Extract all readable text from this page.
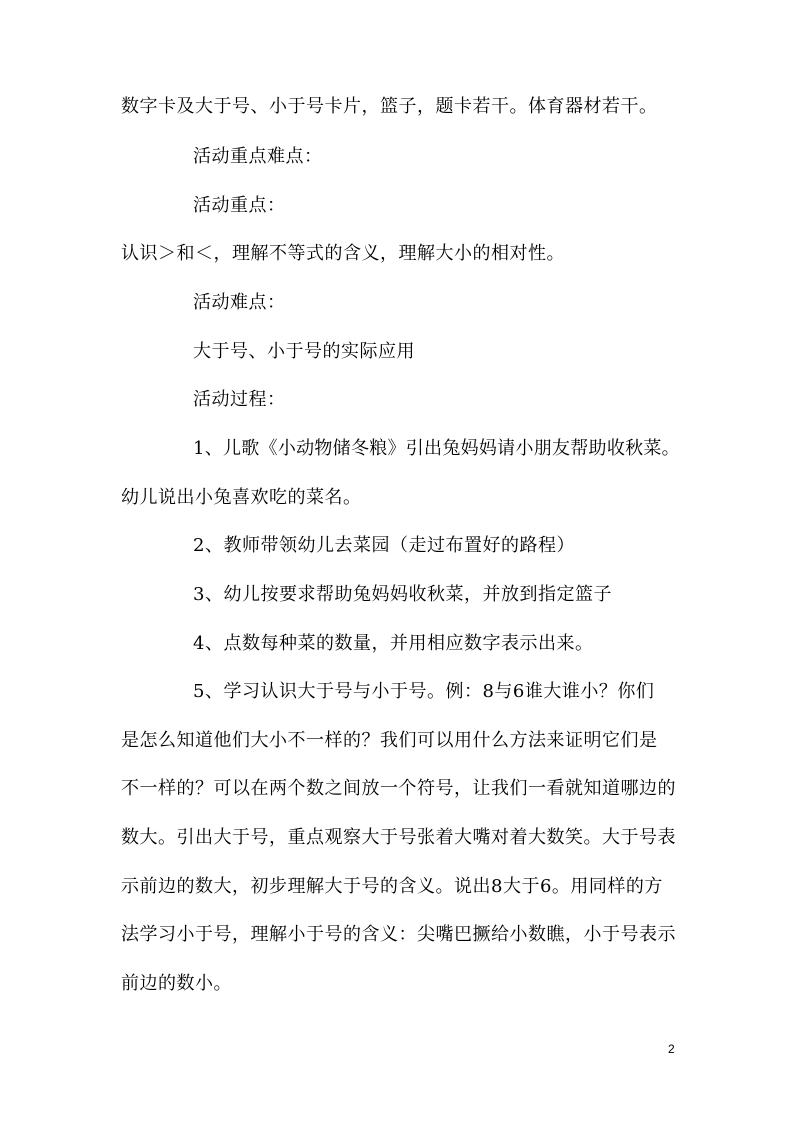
数字卡及大于号、小于号卡片，篮子，题卡若干。体育器材若干。
活动重点难点：
活动重点：
认识＞和＜，理解不等式的含义，理解大小的相对性。
活动难点：
大于号、小于号的实际应用
活动过程：
1、儿歌《小动物储冬粮》引出兔妈妈请小朋友帮助收秋菜。
幼儿说出小兔喜欢吃的菜名。
2、教师带领幼儿去菜园（走过布置好的路程）
3、幼儿按要求帮助兔妈妈收秋菜，并放到指定篮子
4、点数每种菜的数量，并用相应数字表示出来。
5、学习认识大于号与小于号。例：8与6谁大谁小？你们
是怎么知道他们大小不一样的？我们可以用什么方法来证明它们是
不一样的？可以在两个数之间放一个符号，让我们一看就知道哪边的
数大。引出大于号，重点观察大于号张着大嘴对着大数笑。大于号表
示前边的数大，初步理解大于号的含义。说出8大于6。用同样的方
法学习小于号，理解小于号的含义：尖嘴巴撅给小数瞧，小于号表示
前边的数小。
2
